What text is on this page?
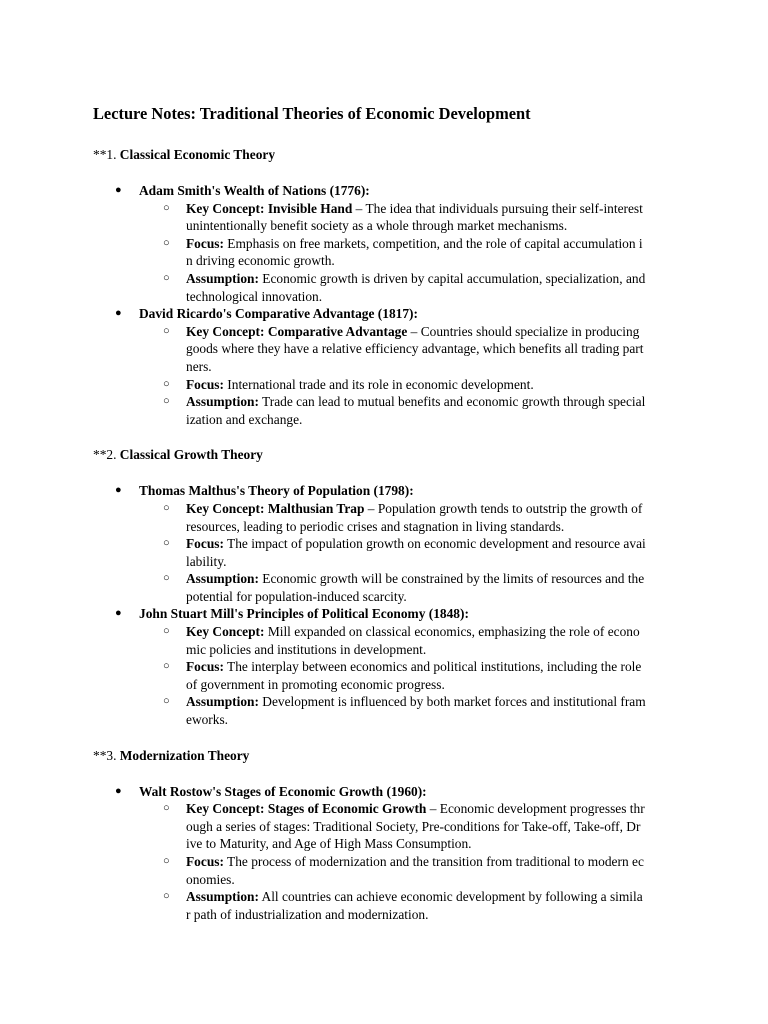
Lecture Notes: Traditional Theories of Economic Development

**1. Classical Economic Theory

● Adam Smith's Wealth of Nations (1776):
○ Key Concept: Invisible Hand – The idea that individuals pursuing their self-interest
unintentionally benefit society as a whole through market mechanisms.
○ Focus: Emphasis on free markets, competition, and the role of capital accumulation i
n driving economic growth.
○ Assumption: Economic growth is driven by capital accumulation, specialization, and
technological innovation.
● David Ricardo's Comparative Advantage (1817):
○ Key Concept: Comparative Advantage – Countries should specialize in producing
goods where they have a relative efficiency advantage, which benefits all trading part
ners.
○ Focus: International trade and its role in economic development.
○ Assumption: Trade can lead to mutual benefits and economic growth through special
ization and exchange.

**2. Classical Growth Theory

● Thomas Malthus's Theory of Population (1798):
○ Key Concept: Malthusian Trap – Population growth tends to outstrip the growth of
resources, leading to periodic crises and stagnation in living standards.
○ Focus: The impact of population growth on economic development and resource avai
lability.
○ Assumption: Economic growth will be constrained by the limits of resources and the
potential for population-induced scarcity.
● John Stuart Mill's Principles of Political Economy (1848):
○ Key Concept: Mill expanded on classical economics, emphasizing the role of econo
mic policies and institutions in development.
○ Focus: The interplay between economics and political institutions, including the role
of government in promoting economic progress.
○ Assumption: Development is influenced by both market forces and institutional fram
eworks.

**3. Modernization Theory

● Walt Rostow's Stages of Economic Growth (1960):
○ Key Concept: Stages of Economic Growth – Economic development progresses thr
ough a series of stages: Traditional Society, Pre-conditions for Take-off, Take-off, Dr
ive to Maturity, and Age of High Mass Consumption.
○ Focus: The process of modernization and the transition from traditional to modern ec
onomies.
○ Assumption: All countries can achieve economic development by following a simila
r path of industrialization and modernization.
